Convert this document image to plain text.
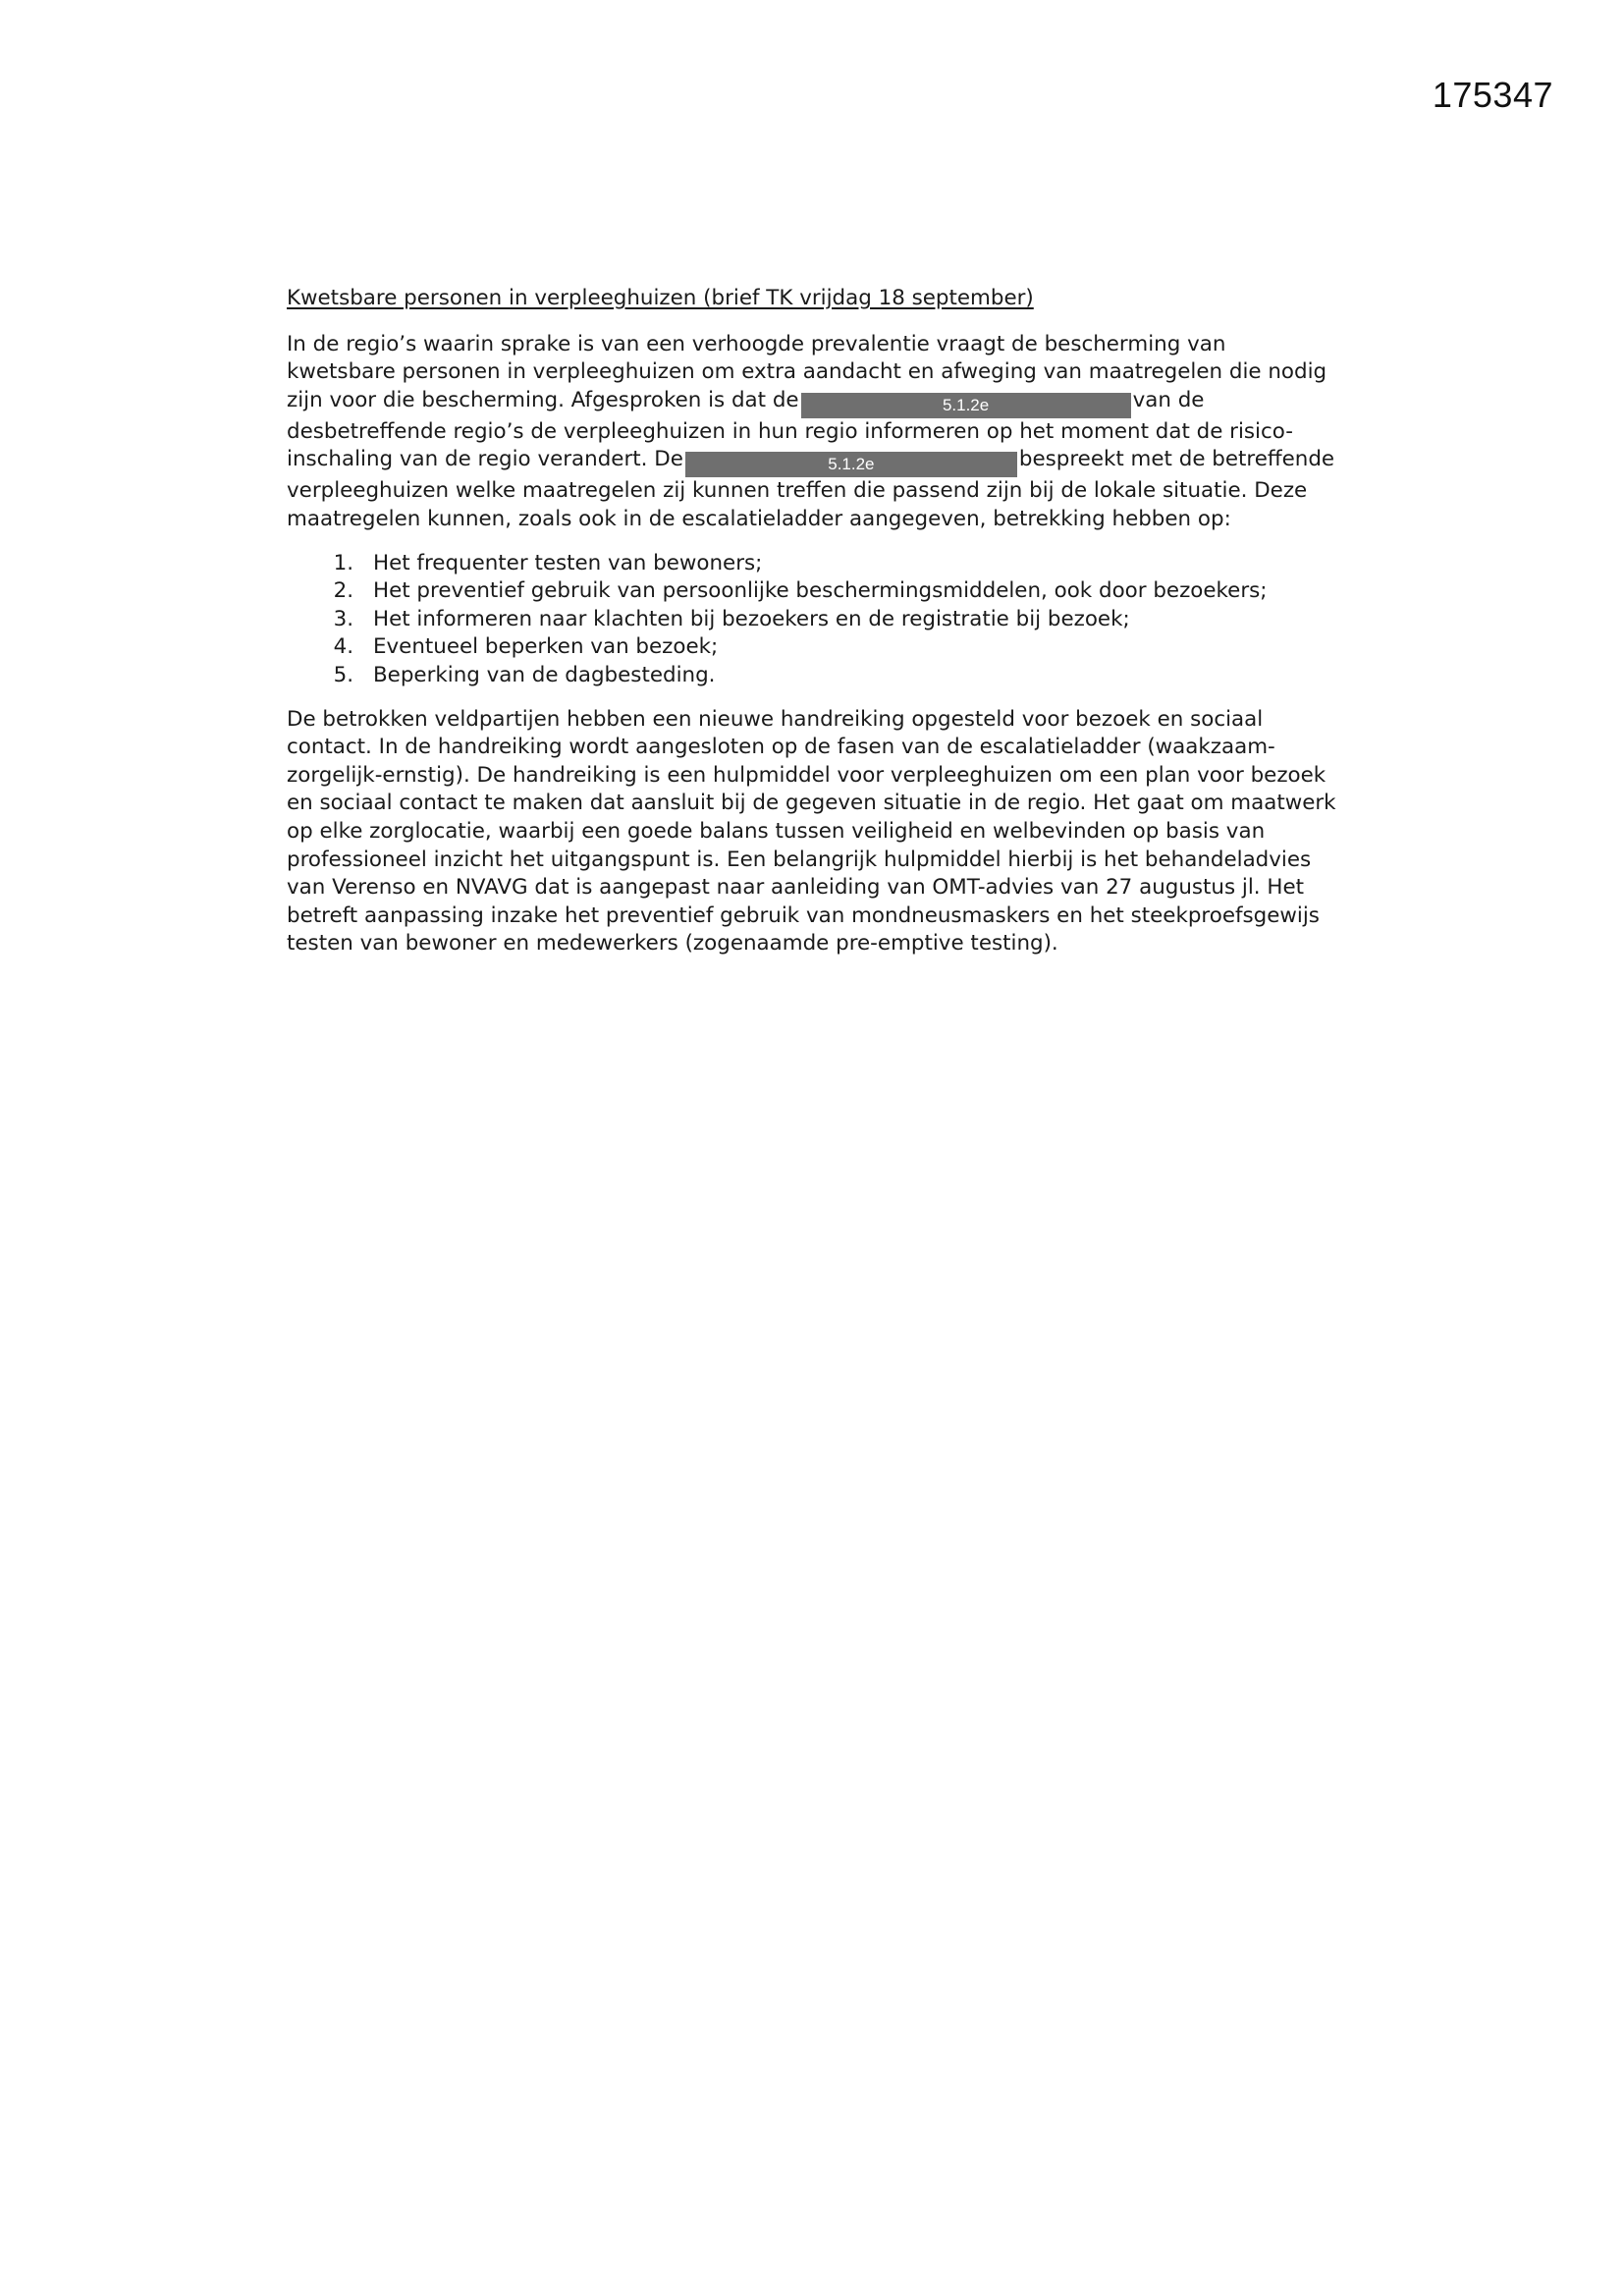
175347
Kwetsbare personen in verpleeghuizen (brief TK vrijdag 18 september)

In de regio’s waarin sprake is van een verhoogde prevalentie vraagt de bescherming van
kwetsbare personen in verpleeghuizen om extra aandacht en afweging van maatregelen die nodig
zijn voor die bescherming. Afgesproken is dat de	5.1.2e	van de
desbetreffende regio’s de verpleeghuizen in hun regio informeren op het moment dat de risico-
inschaling van de regio verandert. De	5.1.2e	bespreekt met de betreffende
verpleeghuizen welke maatregelen zij kunnen treffen die passend zijn bij de lokale situatie. Deze
maatregelen kunnen, zoals ook in de escalatieladder aangegeven, betrekking hebben op:

1. Het frequenter testen van bewoners;
2. Het preventief gebruik van persoonlijke beschermingsmiddelen, ook door bezoekers;
3. Het informeren naar klachten bij bezoekers en de registratie bij bezoek;
4. Eventueel beperken van bezoek;
5. Beperking van de dagbesteding.

De betrokken veldpartijen hebben een nieuwe handreiking opgesteld voor bezoek en sociaal
contact. In de handreiking wordt aangesloten op de fasen van de escalatieladder (waakzaam-
zorgelijk-ernstig). De handreiking is een hulpmiddel voor verpleeghuizen om een plan voor bezoek
en sociaal contact te maken dat aansluit bij de gegeven situatie in de regio. Het gaat om maatwerk
op elke zorglocatie, waarbij een goede balans tussen veiligheid en welbevinden op basis van
professioneel inzicht het uitgangspunt is. Een belangrijk hulpmiddel hierbij is het behandeladvies
van Verenso en NVAVG dat is aangepast naar aanleiding van OMT-advies van 27 augustus jl. Het
betreft aanpassing inzake het preventief gebruik van mondneusmaskers en het steekproefsgewijs
testen van bewoner en medewerkers (zogenaamde pre-emptive testing).
